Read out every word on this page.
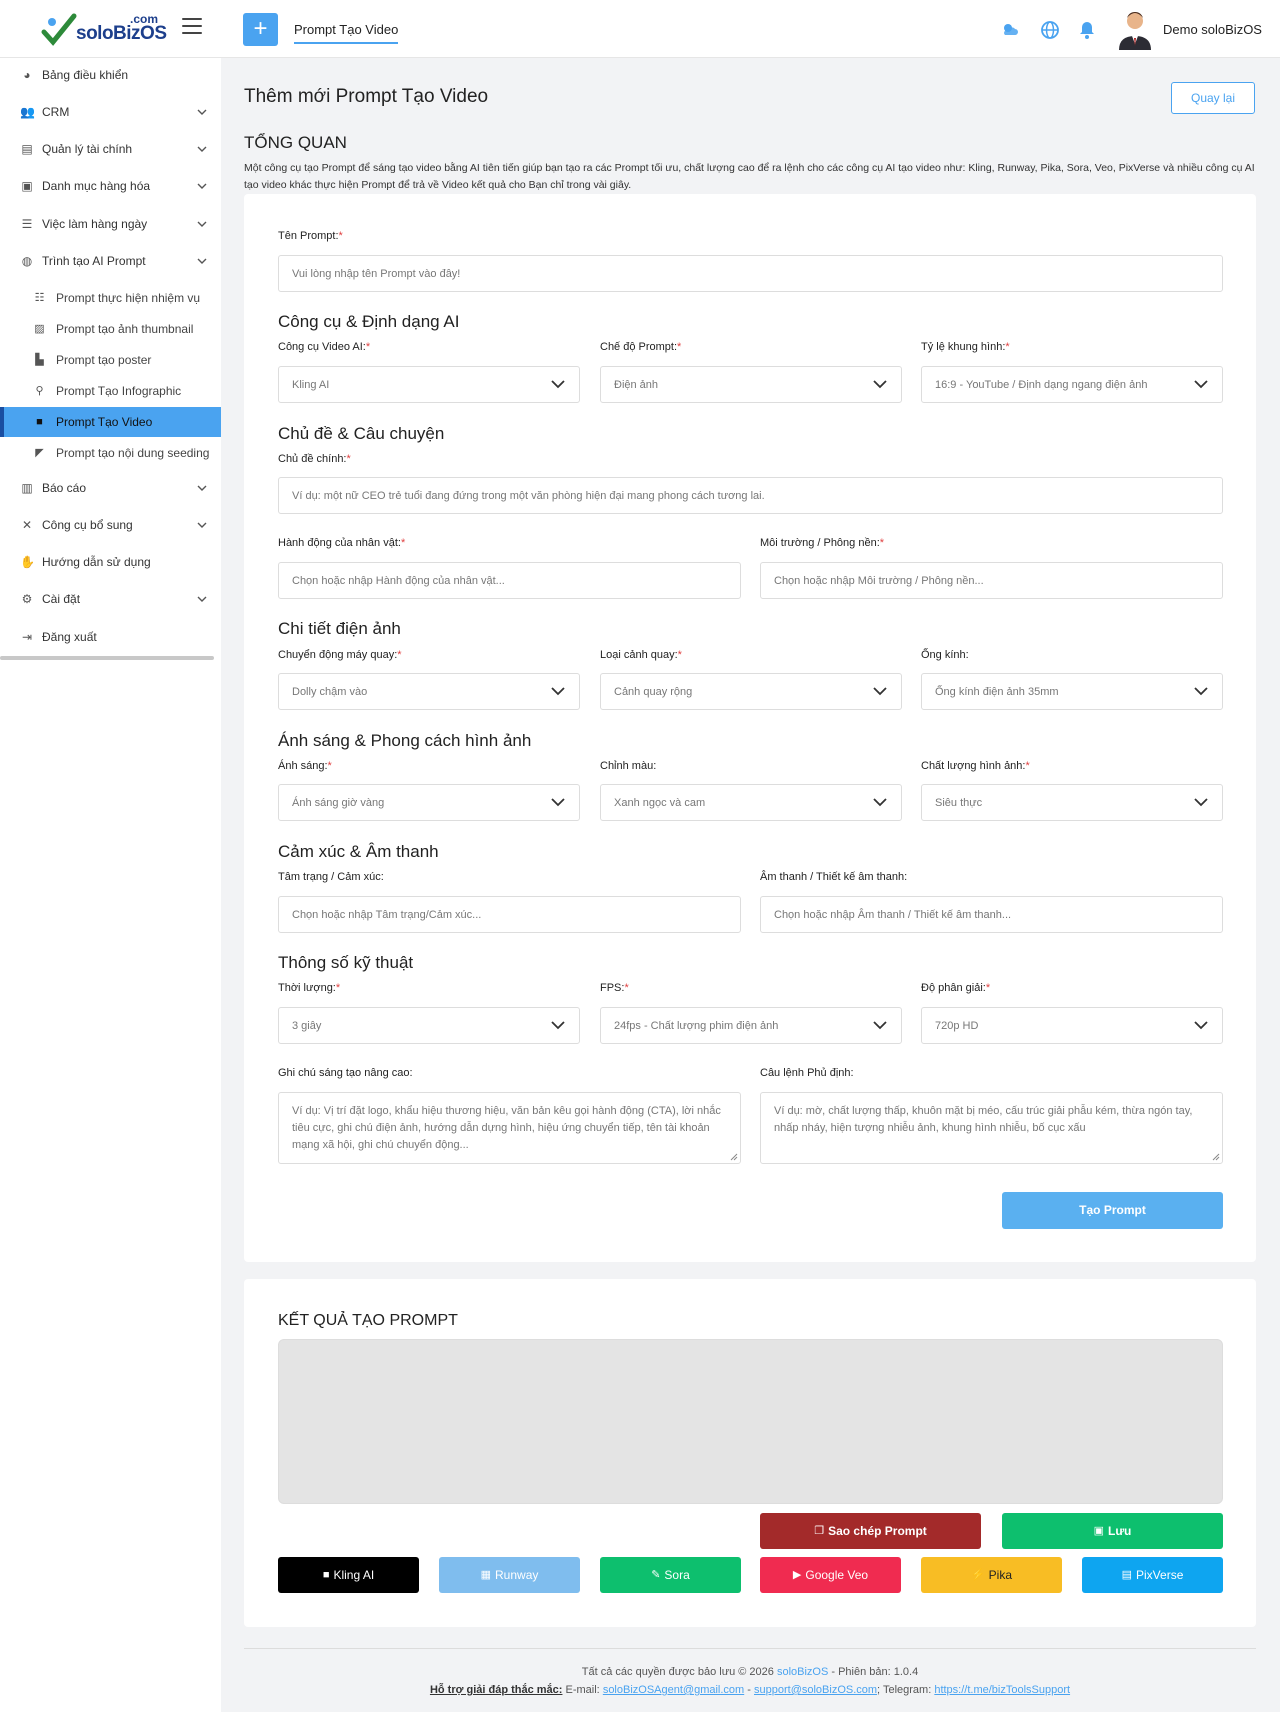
.com
soloBizOS	+	Prompt Tạo Video	Demo soloBizOS
◕ Bảng điều khiển
👥 CRM
▤ Quản lý tài chính
▣ Danh mục hàng hóa
☰ Việc làm hàng ngày
◍ Trình tạo AI Prompt
☷ Prompt thực hiện nhiệm vụ
▨ Prompt tạo ảnh thumbnail
▙ Prompt tạo poster
⚲ Prompt Tạo Infographic
■ Prompt Tạo Video
◤ Prompt tạo nội dung seeding
▥ Báo cáo
✕ Công cụ bổ sung
✋ Hướng dẫn sử dụng
⚙ Cài đặt
⇥ Đăng xuất
Thêm mới Prompt Tạo Video	Quay lại
TỔNG QUAN
Một công cụ tạo Prompt để sáng tạo video bằng AI tiên tiến giúp bạn tạo ra các Prompt tối ưu, chất lượng cao để ra lệnh cho các công cụ AI tạo video như: Kling, Runway, Pika, Sora, Veo, PixVerse và nhiều công cụ AI tạo video khác thực hiện Prompt để trả về Video kết quả cho Bạn chỉ trong vài giây.
Tên Prompt:*
Vui lòng nhập tên Prompt vào đây!
Công cụ & Định dạng AI
Công cụ Video AI:*
Kling AI
Chế độ Prompt:*
Điện ảnh
Tỷ lệ khung hình:*
16:9 - YouTube / Định dạng ngang điện ảnh
Chủ đề & Câu chuyện
Chủ đề chính:*
Ví dụ: một nữ CEO trẻ tuổi đang đứng trong một văn phòng hiện đại mang phong cách tương lai.
Hành động của nhân vật:*
Chọn hoặc nhập Hành động của nhân vật...
Môi trường / Phông nền:*
Chọn hoặc nhập Môi trường / Phông nền...
Chi tiết điện ảnh
Chuyển động máy quay:*
Dolly chậm vào
Loại cảnh quay:*
Cảnh quay rộng
Ống kính:
Ống kính điện ảnh 35mm
Ánh sáng & Phong cách hình ảnh
Ánh sáng:*
Ánh sáng giờ vàng
Chỉnh màu:
Xanh ngọc và cam
Chất lượng hình ảnh:*
Siêu thực
Cảm xúc & Âm thanh
Tâm trạng / Cảm xúc:
Chọn hoặc nhập Tâm trạng/Cảm xúc...
Âm thanh / Thiết kế âm thanh:
Chọn hoặc nhập Âm thanh / Thiết kế âm thanh...
Thông số kỹ thuật
Thời lượng:*
3 giây
FPS:*
24fps - Chất lượng phim điện ảnh
Độ phân giải:*
720p HD
Ghi chú sáng tạo nâng cao:
Ví dụ: Vị trí đặt logo, khẩu hiệu thương hiệu, văn bản kêu gọi hành động (CTA), lời nhắc tiêu cực, ghi chú điện ảnh, hướng dẫn dựng hình, hiệu ứng chuyển tiếp, tên tài khoản mạng xã hội, ghi chú chuyển động...
Câu lệnh Phủ định:
Ví dụ: mờ, chất lượng thấp, khuôn mặt bị méo, cấu trúc giải phẫu kém, thừa ngón tay, nhấp nháy, hiện tượng nhiễu ảnh, khung hình nhiễu, bố cục xấu
Tạo Prompt
KẾT QUẢ TẠO PROMPT
❐ Sao chép Prompt	▣ Lưu
■ Kling AI	▦ Runway	✎ Sora	▶ Google Veo	⚡ Pika	▤ PixVerse
Tất cả các quyền được bảo lưu © 2026 soloBizOS - Phiên bản: 1.0.4
Hỗ trợ giải đáp thắc mắc: E-mail: soloBizOSAgent@gmail.com - support@soloBizOS.com; Telegram: https://t.me/bizToolsSupport
